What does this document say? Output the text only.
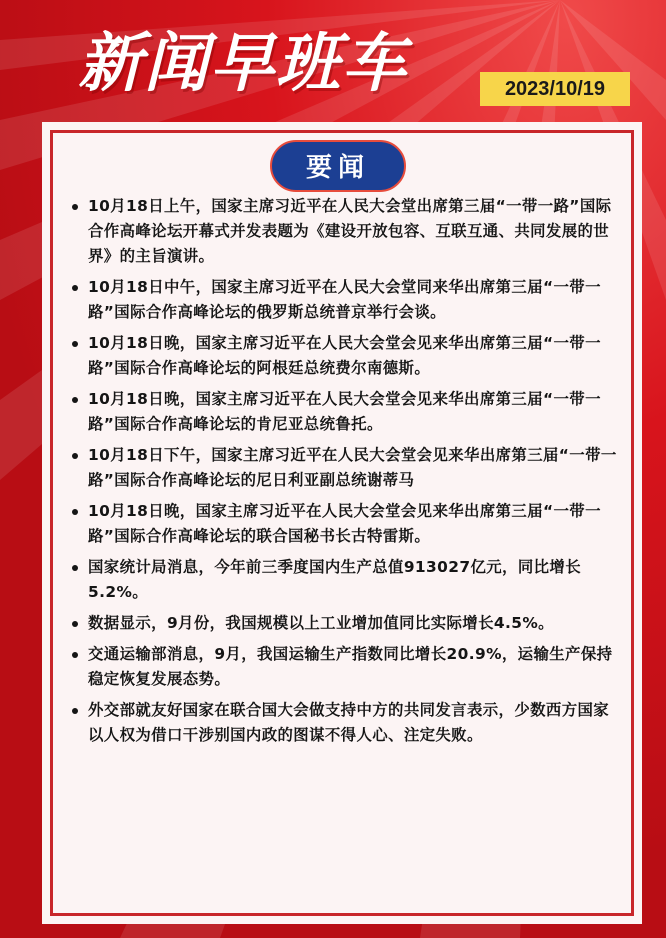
新闻早班车	2023/10/19
要闻
10月18日上午，国家主席习近平在人民大会堂出席第三届“一带一路”国际合作高峰论坛开幕式并发表题为《建设开放包容、互联互通、共同发展的世界》的主旨演讲。
10月18日中午，国家主席习近平在人民大会堂同来华出席第三届“一带一路”国际合作高峰论坛的俄罗斯总统普京举行会谈。
10月18日晚，国家主席习近平在人民大会堂会见来华出席第三届“一带一路”国际合作高峰论坛的阿根廷总统费尔南德斯。
10月18日晚，国家主席习近平在人民大会堂会见来华出席第三届“一带一路”国际合作高峰论坛的肯尼亚总统鲁托。
10月18日下午，国家主席习近平在人民大会堂会见来华出席第三届“一带一路”国际合作高峰论坛的尼日利亚副总统谢蒂马
10月18日晚，国家主席习近平在人民大会堂会见来华出席第三届“一带一路”国际合作高峰论坛的联合国秘书长古特雷斯。
国家统计局消息，今年前三季度国内生产总值913027亿元，同比增长5.2%。
数据显示，9月份，我国规模以上工业增加值同比实际增长4.5%。
交通运输部消息，9月，我国运输生产指数同比增长20.9%，运输生产保持稳定恢复发展态势。
外交部就友好国家在联合国大会做支持中方的共同发言表示，少数西方国家以人权为借口干涉别国内政的图谋不得人心、注定失败。
